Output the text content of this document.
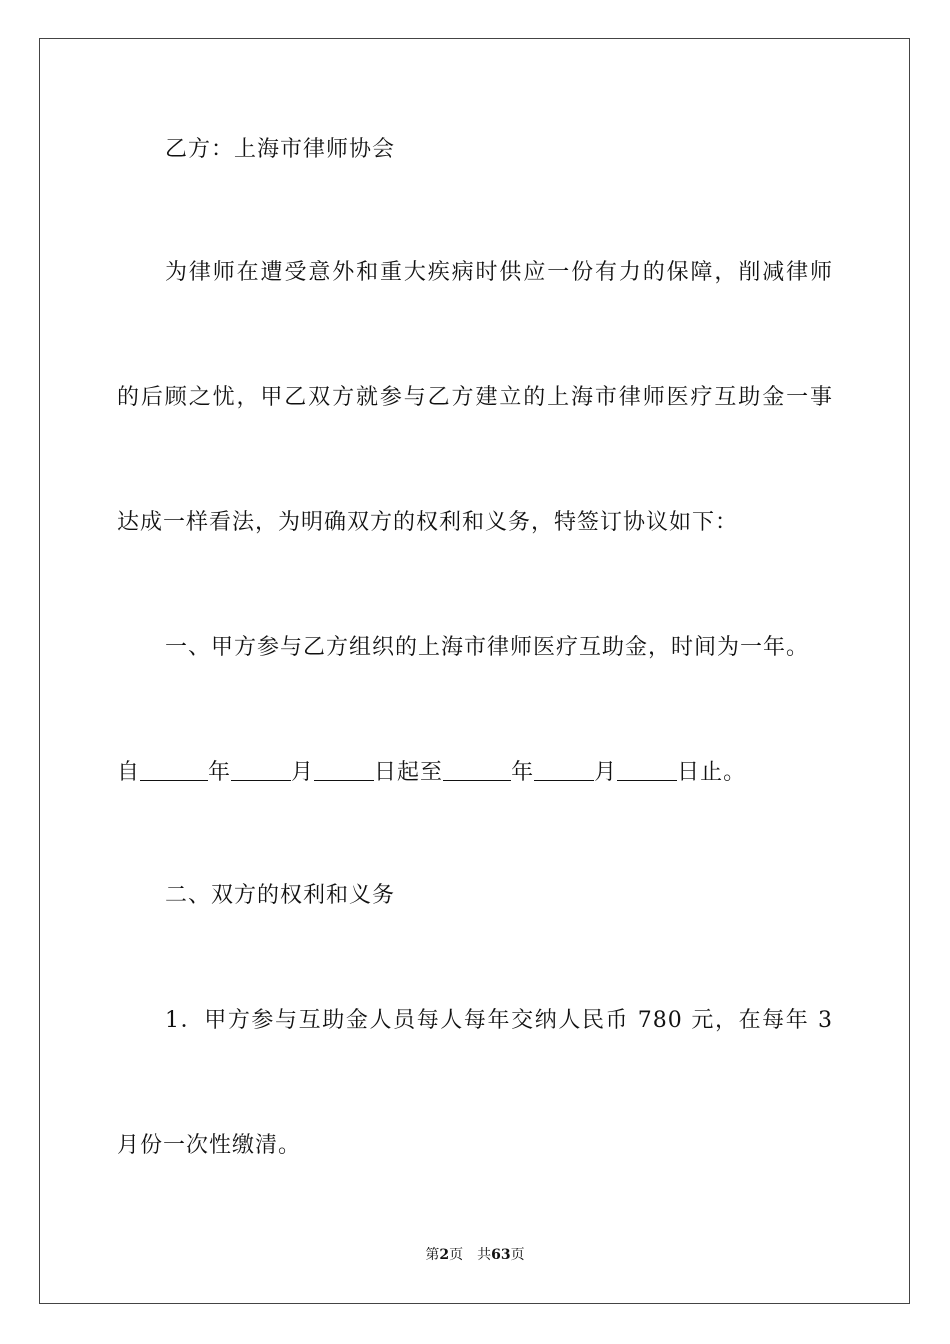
乙方：上海市律师协会
为律师在遭受意外和重大疾病时供应一份有力的保障，削减律师
的后顾之忧，甲乙双方就参与乙方建立的上海市律师医疗互助金一事
达成一样看法，为明确双方的权利和义务，特签订协议如下：
一、甲方参与乙方组织的上海市律师医疗互助金，时间为一年。
自	年	月	日起至	年	月	日止。
二、双方的权利和义务
1．甲方参与互助金人员每人每年交纳人民币 780 元，在每年 3
月份一次性缴清。
第2页 共63页
